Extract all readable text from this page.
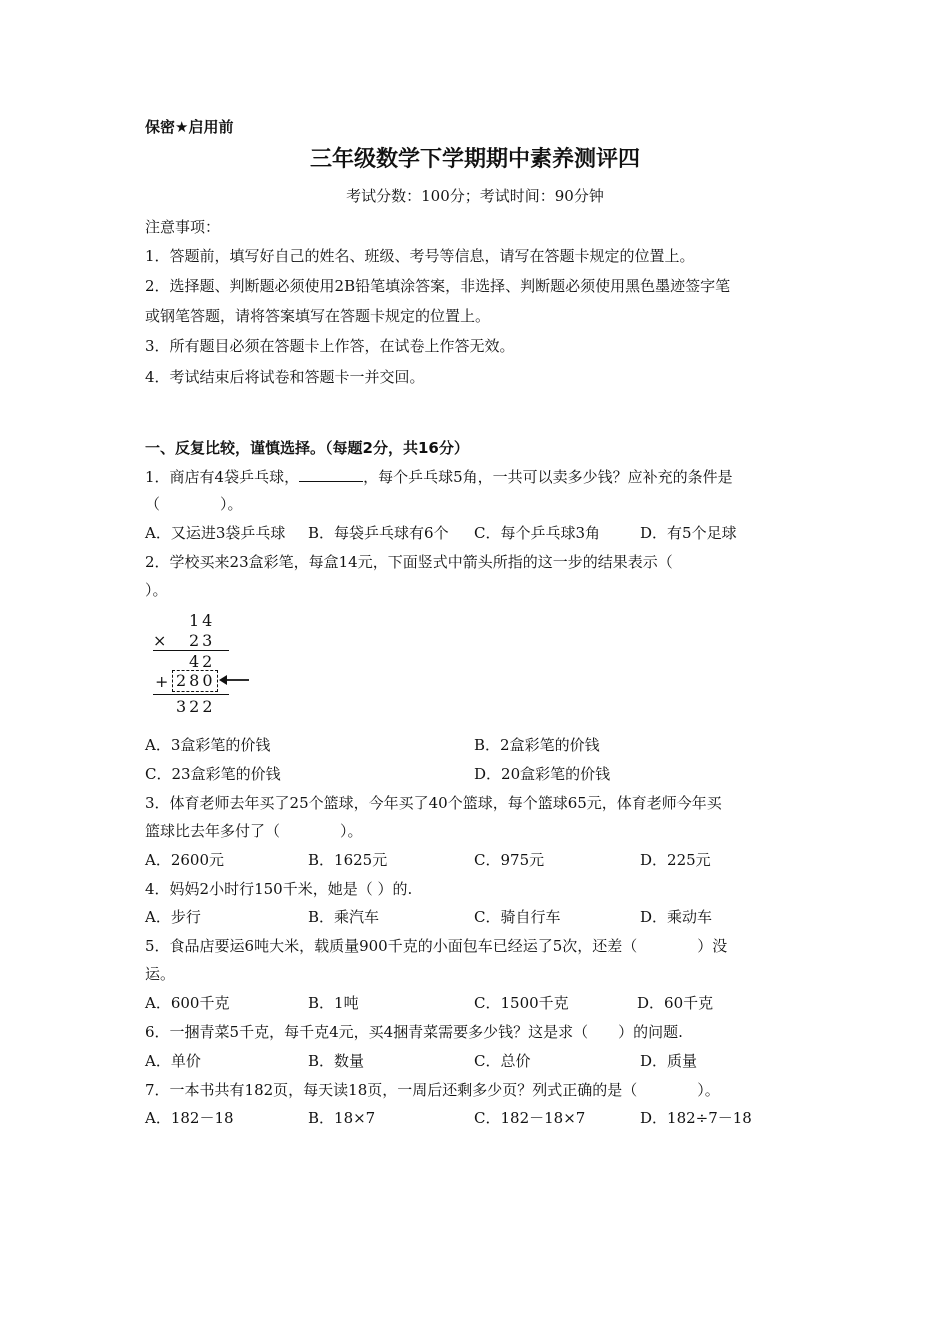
保密★启用前
三年级数学下学期期中素养测评四
考试分数：100分；考试时间：90分钟
注意事项：
1．答题前，填写好自己的姓名、班级、考号等信息，请写在答题卡规定的位置上。
2．选择题、判断题必须使用2B铅笔填涂答案，非选择、判断题必须使用黑色墨迹签字笔
或钢笔答题，请将答案填写在答题卡规定的位置上。
3．所有题目必须在答题卡上作答，在试卷上作答无效。
4．考试结束后将试卷和答题卡一并交回。
一、反复比较，谨慎选择。（每题2分，共16分）
1．商店有4袋乒乓球，	，每个乒乓球5角，一共可以卖多少钱？应补充的条件是
（　　　　）。
A．又运进3袋乒乓球 B．每袋乒乓球有6个 C．每个乒乓球3角	D．有5个足球
2．学校买来23盒彩笔，每盒14元，下面竖式中箭头所指的这一步的结果表示（
）。
14
× 23
42
+ 280
322
A．3盒彩笔的价钱	B．2盒彩笔的价钱
C．23盒彩笔的价钱	D．20盒彩笔的价钱
3．体育老师去年买了25个篮球，今年买了40个篮球，每个篮球65元，体育老师今年买
篮球比去年多付了（　　　　）。
A．2600元	B．1625元	C．975元	D．225元
4．妈妈2小时行150千米，她是（ ）的.
A．步行	B．乘汽车	C．骑自行车	D．乘动车
5．食品店要运6吨大米，载质量900千克的小面包车已经运了5次，还差（　　　　）没
运。
A．600千克	B．1吨	C．1500千克	D．60千克
6．一捆青菜5千克，每千克4元，买4捆青菜需要多少钱？这是求（　　）的问题.
A．单价	B．数量	C．总价	D．质量
7．一本书共有182页，每天读18页，一周后还剩多少页？列式正确的是（　　　　）。
A．182－18	B．18×7	C．182－18×7	D．182÷7－18
